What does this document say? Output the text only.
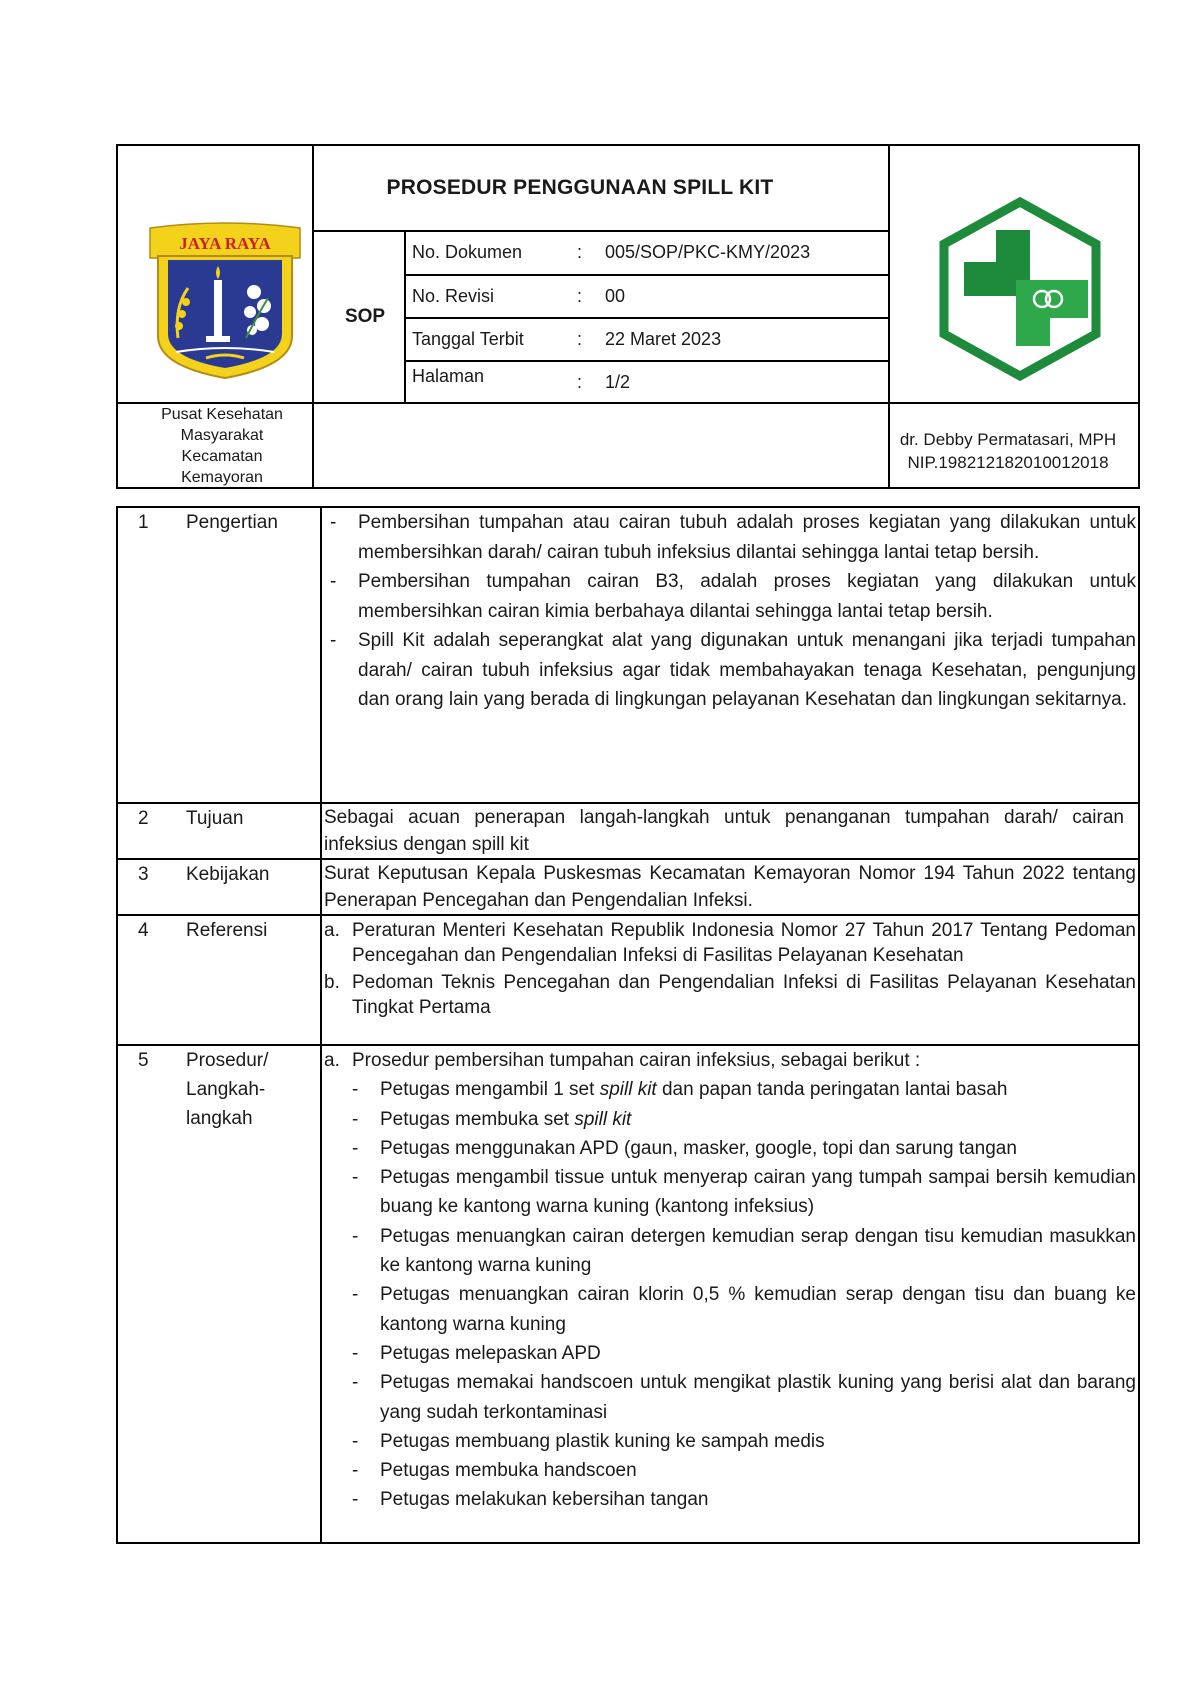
JAYA RAYA
PROSEDUR PENGGUNAAN SPILL KIT
SOP
No. Dokumen	: 005/SOP/PKC-KMY/2023
No. Revisi	: 00
Tanggal Terbit	: 22 Maret 2023
Halaman	: 1/2
Pusat Kesehatan
Masyarakat
Kecamatan
Kemayoran
dr. Debby Permatasari, MPH
NIP.198212182010012018
1 Pengertian	-	Pembersihan tumpahan atau cairan tubuh adalah proses kegiatan yang dilakukan untuk membersihkan darah/ cairan tubuh infeksius dilantai sehingga lantai tetap bersih.
-	Pembersihan tumpahan cairan B3, adalah proses kegiatan yang dilakukan untuk membersihkan cairan kimia berbahaya dilantai sehingga lantai tetap bersih.
-	Spill Kit adalah seperangkat alat yang digunakan untuk menangani jika terjadi tumpahan darah/ cairan tubuh infeksius agar tidak membahayakan tenaga Kesehatan, pengunjung dan orang lain yang berada di lingkungan pelayanan Kesehatan dan lingkungan sekitarnya.
2 Tujuan	Sebagai acuan penerapan langah-langkah untuk penanganan tumpahan darah/ cairan infeksius dengan spill kit
3 Kebijakan	Surat Keputusan Kepala Puskesmas Kecamatan Kemayoran Nomor 194 Tahun 2022 tentang Penerapan Pencegahan dan Pengendalian Infeksi.
4 Referensi	a. Peraturan Menteri Kesehatan Republik Indonesia Nomor 27 Tahun 2017 Tentang Pedoman Pencegahan dan Pengendalian Infeksi di Fasilitas Pelayanan Kesehatan
b. Pedoman Teknis Pencegahan dan Pengendalian Infeksi di Fasilitas Pelayanan Kesehatan Tingkat Pertama
5 Prosedur/
Langkah-
langkah
a. Prosedur pembersihan tumpahan cairan infeksius, sebagai berikut :
-	Petugas mengambil 1 set spill kit dan papan tanda peringatan lantai basah
-	Petugas membuka set spill kit
-	Petugas menggunakan APD (gaun, masker, google, topi dan sarung tangan
-	Petugas mengambil tissue untuk menyerap cairan yang tumpah sampai bersih kemudian buang ke kantong warna kuning (kantong infeksius)
-	Petugas menuangkan cairan detergen kemudian serap dengan tisu kemudian masukkan ke kantong warna kuning
-	Petugas menuangkan cairan klorin 0,5 % kemudian serap dengan tisu dan buang ke kantong warna kuning
-	Petugas melepaskan APD
-	Petugas memakai handscoen untuk mengikat plastik kuning yang berisi alat dan barang yang sudah terkontaminasi
-	Petugas membuang plastik kuning ke sampah medis
-	Petugas membuka handscoen
-	Petugas melakukan kebersihan tangan
